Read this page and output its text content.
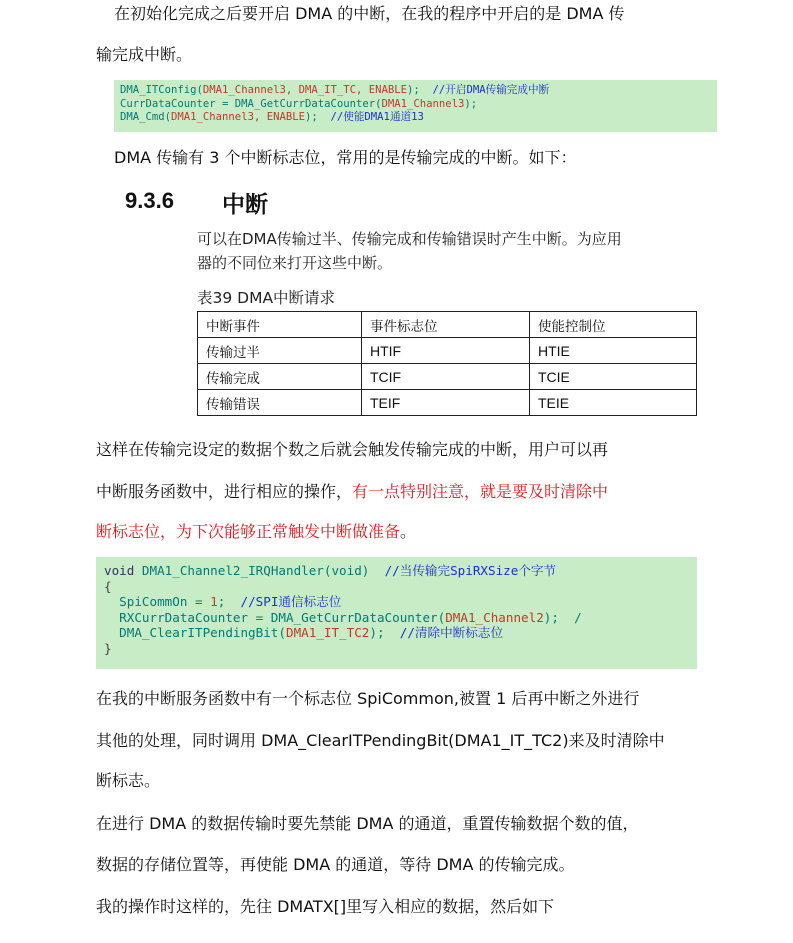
在初始化完成之后要开启 DMA 的中断，在我的程序中开启的是 DMA 传
输完成中断。
DMA_ITConfig(DMA1_Channel3, DMA_IT_TC, ENABLE);  //开启DMA传输完成中断
CurrDataCounter = DMA_GetCurrDataCounter(DMA1_Channel3);
DMA_Cmd(DMA1_Channel3, ENABLE);  //使能DMA1通道13
DMA 传输有 3 个中断标志位，常用的是传输完成的中断。如下：
9.3.6 中断
可以在DMA传输过半、传输完成和传输错误时产生中断。为应用
器的不同位来打开这些中断。
表39 DMA中断请求
中断事件	事件标志位	使能控制位
传输过半	HTIF	HTIE
传输完成	TCIF	TCIE
传输错误	TEIF	TEIE
这样在传输完设定的数据个数之后就会触发传输完成的中断，用户可以再
中断服务函数中，进行相应的操作，有一点特别注意，就是要及时清除中
断标志位，为下次能够正常触发中断做准备。
void DMA1_Channel2_IRQHandler(void)  //当传输完SpiRXSize个字节
{
SpiCommOn = 1;  //SPI通信标志位
RXCurrDataCounter = DMA_GetCurrDataCounter(DMA1_Channel2);  /
DMA_ClearITPendingBit(DMA1_IT_TC2);  //清除中断标志位
}
在我的中断服务函数中有一个标志位 SpiCommon,被置 1 后再中断之外进行
其他的处理，同时调用 DMA_ClearITPendingBit(DMA1_IT_TC2)来及时清除中
断标志。
在进行 DMA 的数据传输时要先禁能 DMA 的通道，重置传输数据个数的值，
数据的存储位置等，再使能 DMA 的通道，等待 DMA 的传输完成。
我的操作时这样的，先往 DMATX[]里写入相应的数据，然后如下
